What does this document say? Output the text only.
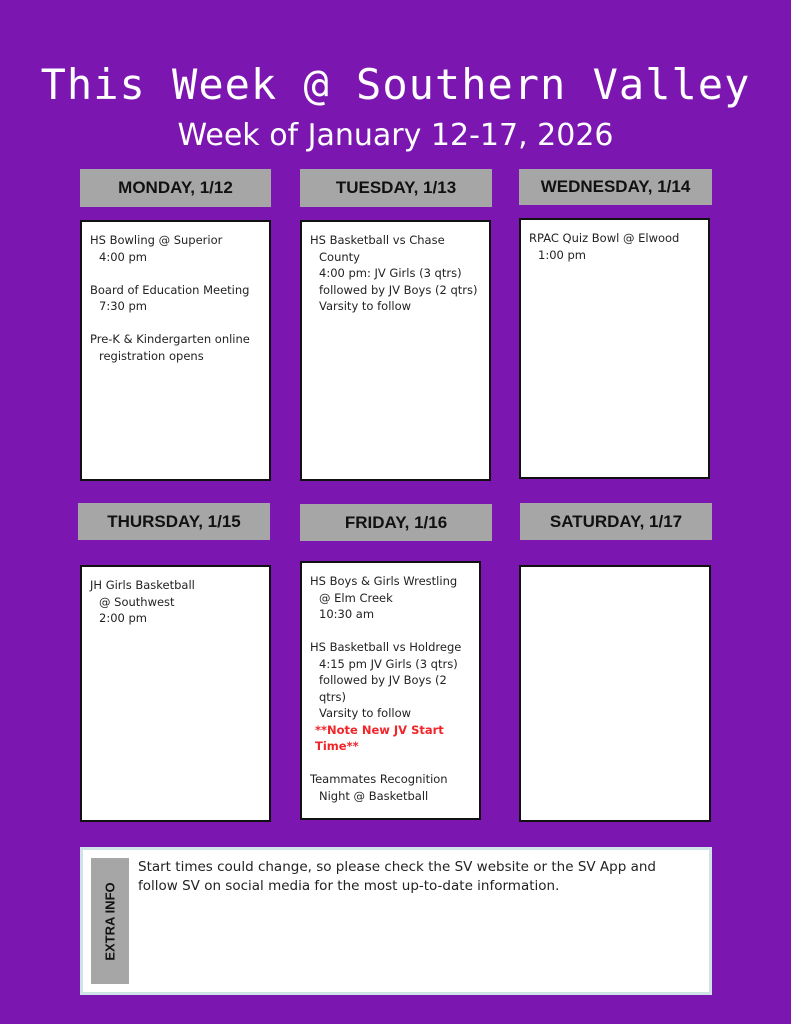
This Week @ Southern Valley
Week of January 12-17, 2026
MONDAY, 1/12
HS Bowling @ Superior
4:00 pm
Board of Education Meeting
7:30 pm
Pre-K & Kindergarten online
registration opens
TUESDAY, 1/13
HS Basketball vs Chase
County
4:00 pm: JV Girls (3 qtrs)
followed by JV Boys (2 qtrs)
Varsity to follow
WEDNESDAY, 1/14
RPAC Quiz Bowl @ Elwood
1:00 pm
THURSDAY, 1/15
JH Girls Basketball
@ Southwest
2:00 pm
FRIDAY, 1/16
HS Boys & Girls Wrestling
@ Elm Creek
10:30 am
HS Basketball vs Holdrege
4:15 pm JV Girls (3 qtrs)
followed by JV Boys (2 qtrs)
Varsity to follow
**Note New JV Start Time**
Teammates Recognition
Night @ Basketball
SATURDAY, 1/17
EXTRA INFO
Start times could change, so please check the SV website or the SV App and follow SV on social media for the most up-to-date information.
